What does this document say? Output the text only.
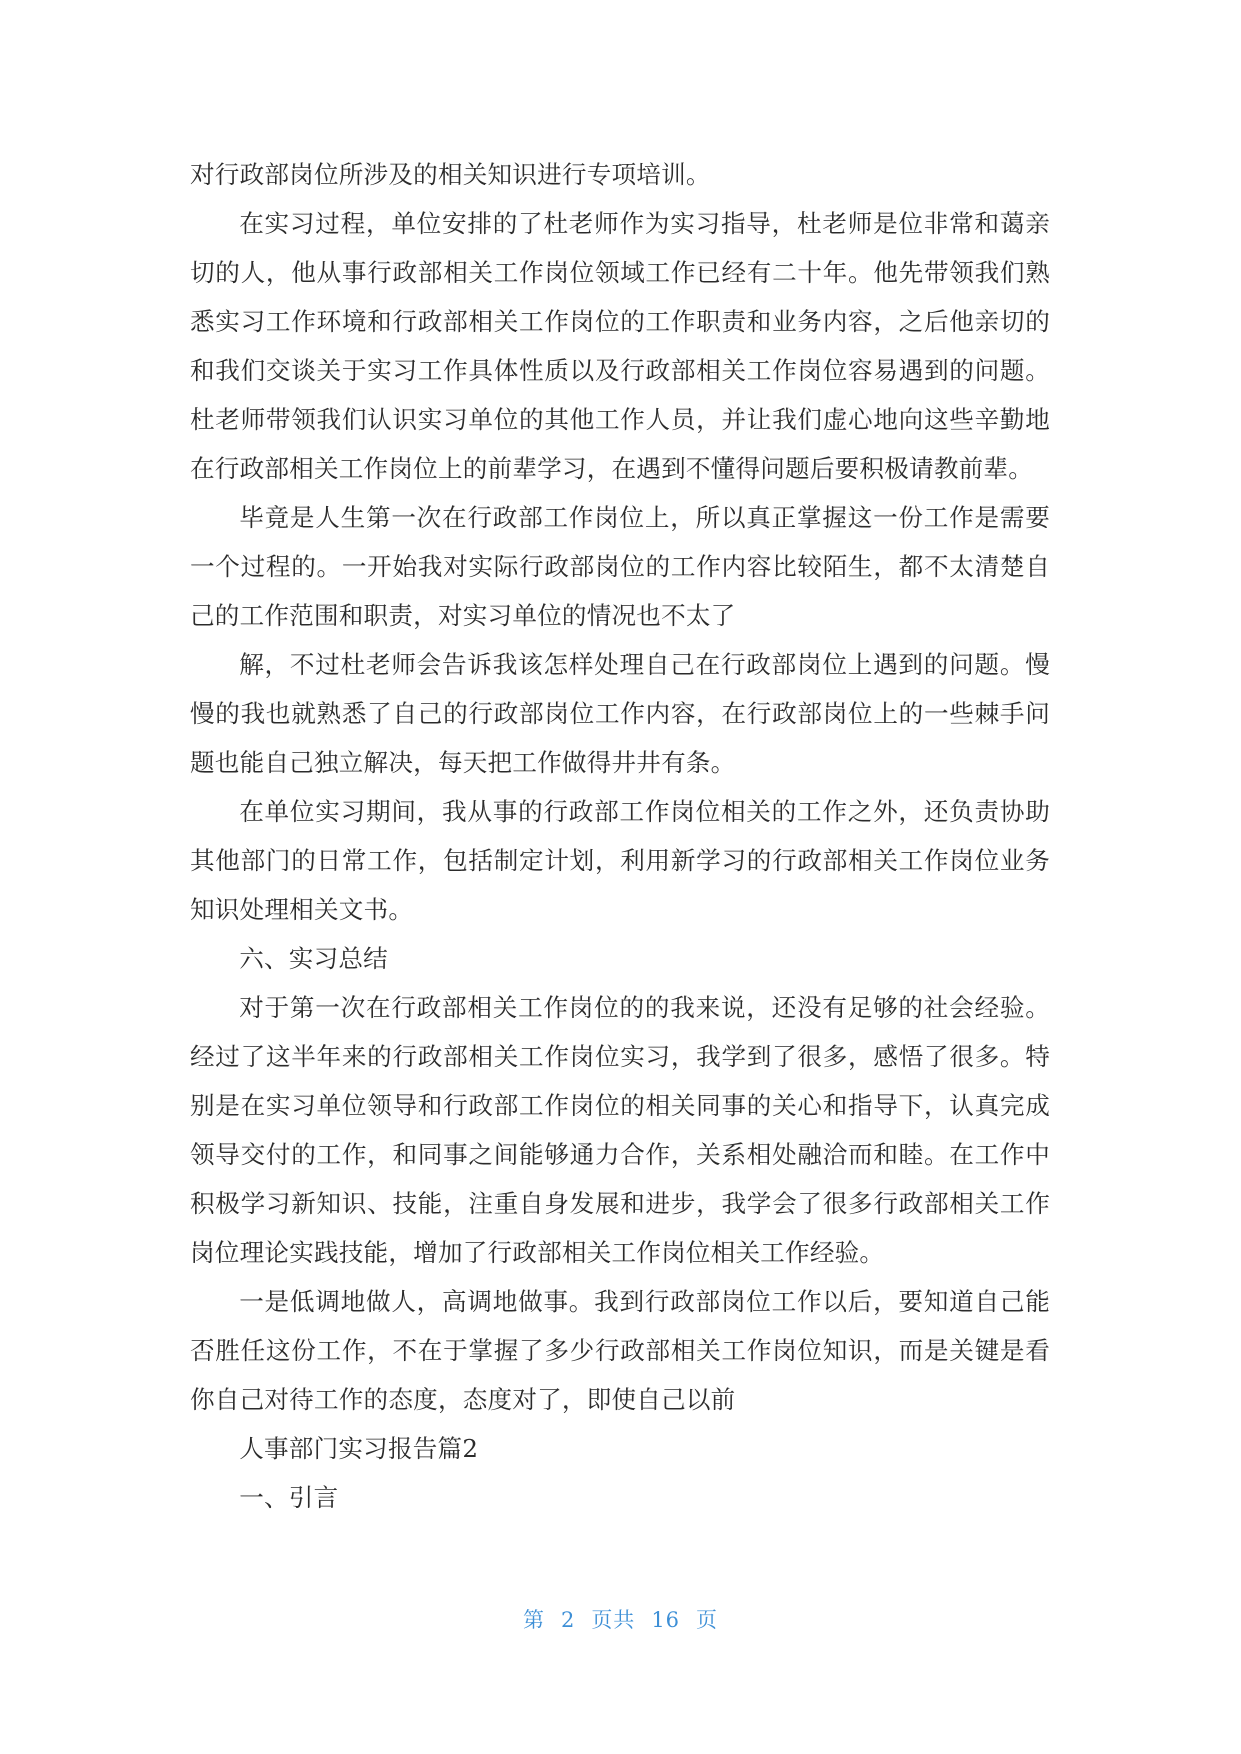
对行政部岗位所涉及的相关知识进行专项培训。

在实习过程，单位安排的了杜老师作为实习指导，杜老师是位非常和蔼亲切的人，他从事行政部相关工作岗位领域工作已经有二十年。他先带领我们熟悉实习工作环境和行政部相关工作岗位的工作职责和业务内容，之后他亲切的和我们交谈关于实习工作具体性质以及行政部相关工作岗位容易遇到的问题。杜老师带领我们认识实习单位的其他工作人员，并让我们虚心地向这些辛勤地在行政部相关工作岗位上的前辈学习，在遇到不懂得问题后要积极请教前辈。

毕竟是人生第一次在行政部工作岗位上，所以真正掌握这一份工作是需要一个过程的。一开始我对实际行政部岗位的工作内容比较陌生，都不太清楚自己的工作范围和职责，对实习单位的情况也不太了

解，不过杜老师会告诉我该怎样处理自己在行政部岗位上遇到的问题。慢慢的我也就熟悉了自己的行政部岗位工作内容，在行政部岗位上的一些棘手问题也能自己独立解决，每天把工作做得井井有条。

在单位实习期间，我从事的行政部工作岗位相关的工作之外，还负责协助其他部门的日常工作，包括制定计划，利用新学习的行政部相关工作岗位业务知识处理相关文书。

六、实习总结

对于第一次在行政部相关工作岗位的的我来说，还没有足够的社会经验。经过了这半年来的行政部相关工作岗位实习，我学到了很多，感悟了很多。特别是在实习单位领导和行政部工作岗位的相关同事的关心和指导下，认真完成领导交付的工作，和同事之间能够通力合作，关系相处融洽而和睦。在工作中积极学习新知识、技能，注重自身发展和进步，我学会了很多行政部相关工作岗位理论实践技能，增加了行政部相关工作岗位相关工作经验。

一是低调地做人，高调地做事。我到行政部岗位工作以后，要知道自己能否胜任这份工作，不在于掌握了多少行政部相关工作岗位知识，而是关键是看你自己对待工作的态度，态度对了，即使自己以前

人事部门实习报告篇2

一、引言

第 2 页共 16 页
